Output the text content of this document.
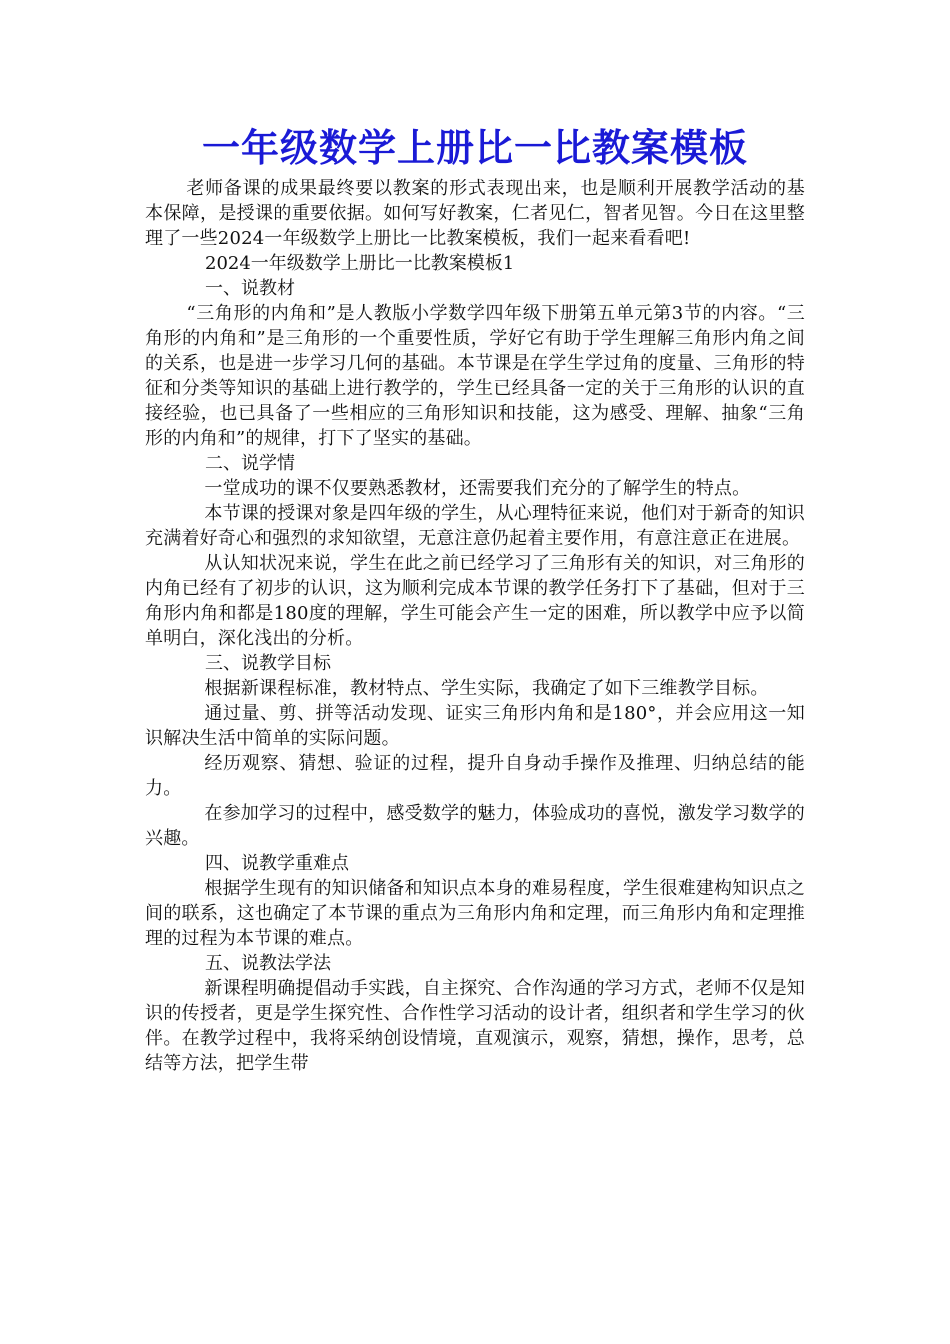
一年级数学上册比一比教案模板

老师备课的成果最终要以教案的形式表现出来，也是顺利开展教学活动的基本保障，是授课的重要依据。如何写好教案，仁者见仁，智者见智。今日在这里整理了一些2024一年级数学上册比一比教案模板，我们一起来看看吧!

2024一年级数学上册比一比教案模板1

一、说教材

“三角形的内角和”是人教版小学数学四年级下册第五单元第3节的内容。“三角形的内角和”是三角形的一个重要性质，学好它有助于学生理解三角形内角之间的关系，也是进一步学习几何的基础。本节课是在学生学过角的度量、三角形的特征和分类等知识的基础上进行教学的，学生已经具备一定的关于三角形的认识的直接经验，也已具备了一些相应的三角形知识和技能，这为感受、理解、抽象“三角形的内角和”的规律，打下了坚实的基础。

二、说学情

一堂成功的课不仅要熟悉教材，还需要我们充分的了解学生的特点。

本节课的授课对象是四年级的学生，从心理特征来说，他们对于新奇的知识充满着好奇心和强烈的求知欲望，无意注意仍起着主要作用，有意注意正在进展。

从认知状况来说，学生在此之前已经学习了三角形有关的知识，对三角形的内角已经有了初步的认识，这为顺利完成本节课的教学任务打下了基础，但对于三角形内角和都是180度的理解，学生可能会产生一定的困难，所以教学中应予以简单明白，深化浅出的分析。

三、说教学目标

根据新课程标准，教材特点、学生实际，我确定了如下三维教学目标。

通过量、剪、拼等活动发现、证实三角形内角和是180°，并会应用这一知识解决生活中简单的实际问题。

经历观察、猜想、验证的过程，提升自身动手操作及推理、归纳总结的能力。

在参加学习的过程中，感受数学的魅力，体验成功的喜悦，激发学习数学的兴趣。

四、说教学重难点

根据学生现有的知识储备和知识点本身的难易程度，学生很难建构知识点之间的联系，这也确定了本节课的重点为三角形内角和定理，而三角形内角和定理推理的过程为本节课的难点。

五、说教法学法

新课程明确提倡动手实践，自主探究、合作沟通的学习方式，老师不仅是知识的传授者，更是学生探究性、合作性学习活动的设计者，组织者和学生学习的伙伴。在教学过程中，我将采纳创设情境，直观演示，观察，猜想，操作，思考，总结等方法，把学生带
